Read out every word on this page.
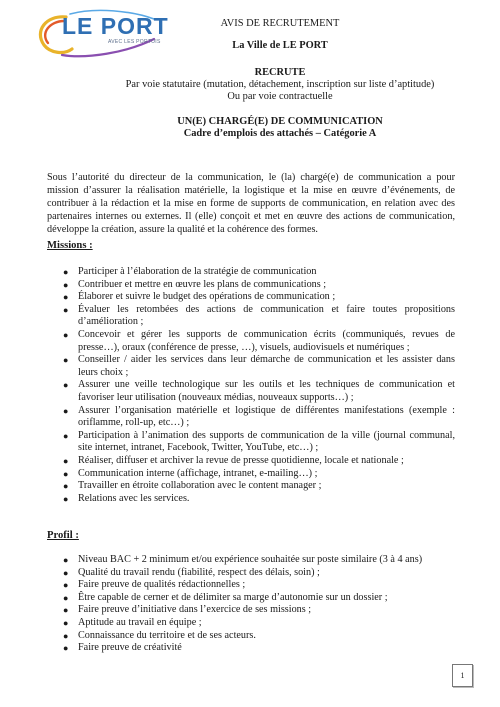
LE PORT
AVEC LES PORTOIS
AVIS DE RECRUTEMENT
La Ville de LE PORT
RECRUTE
Par voie statutaire (mutation, détachement, inscription sur liste d’aptitude)
Ou par voie contractuelle
UN(E) CHARGÉ(E) DE COMMUNICATION
Cadre d’emplois des attachés – Catégorie A

Sous l’autorité du directeur de la communication, le (la) chargé(e) de communication a pour mission d’assurer la réalisation matérielle, la logistique et la mise en œuvre d’événements, de contribuer à la rédaction et la mise en forme de supports de communication, en relation avec des partenaires internes ou externes. Il (elle) conçoit et met en œuvre des actions de communication, développe la création, assure la qualité et la cohérence des formes.

Missions :
● Participer à l’élaboration de la stratégie de communication
● Contribuer et mettre en œuvre les plans de communications ;
● Élaborer et suivre le budget des opérations de communication ;
● Évaluer les retombées des actions de communication et faire toutes propositions d’amélioration ;
● Concevoir et gérer les supports de communication écrits (communiqués, revues de presse…), oraux (conférence de presse, …), visuels, audiovisuels et numériques ;
● Conseiller / aider les services dans leur démarche de communication et les assister dans leurs choix ;
● Assurer une veille technologique sur les outils et les techniques de communication et favoriser leur utilisation (nouveaux médias, nouveaux supports…) ;
● Assurer l’organisation matérielle et logistique de différentes manifestations (exemple : oriflamme, roll-up, etc…) ;
● Participation à l’animation des supports de communication de la ville (journal communal, site internet, intranet, Facebook, Twitter, YouTube, etc…) ;
● Réaliser, diffuser et archiver la revue de presse quotidienne, locale et nationale ;
● Communication interne (affichage, intranet, e-mailing…) ;
● Travailler en étroite collaboration avec le content manager ;
● Relations avec les services.
Profil :
● Niveau BAC + 2 minimum et/ou expérience souhaitée sur poste similaire (3 à 4 ans)
● Qualité du travail rendu (fiabilité, respect des délais, soin) ;
● Faire preuve de qualités rédactionnelles ;
● Être capable de cerner et de délimiter sa marge d’autonomie sur un dossier ;
● Faire preuve d’initiative dans l’exercice de ses missions ;
● Aptitude au travail en équipe ;
● Connaissance du territoire et de ses acteurs.
● Faire preuve de créativité
1
